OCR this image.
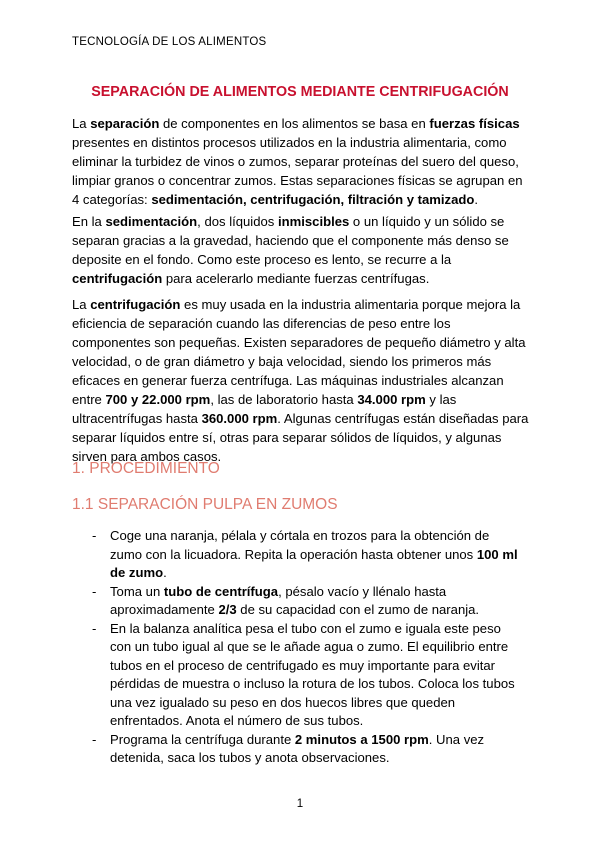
TECNOLOGÍA DE LOS ALIMENTOS
SEPARACIÓN DE ALIMENTOS MEDIANTE CENTRIFUGACIÓN

La separación de componentes en los alimentos se basa en fuerzas físicas presentes en distintos procesos utilizados en la industria alimentaria, como eliminar la turbidez de vinos o zumos, separar proteínas del suero del queso, limpiar granos o concentrar zumos. Estas separaciones físicas se agrupan en 4 categorías: sedimentación, centrifugación, filtración y tamizado.

En la sedimentación, dos líquidos inmiscibles o un líquido y un sólido se separan gracias a la gravedad, haciendo que el componente más denso se deposite en el fondo. Como este proceso es lento, se recurre a la centrifugación para acelerarlo mediante fuerzas centrífugas.

La centrifugación es muy usada en la industria alimentaria porque mejora la eficiencia de separación cuando las diferencias de peso entre los componentes son pequeñas. Existen separadores de pequeño diámetro y alta velocidad, o de gran diámetro y baja velocidad, siendo los primeros más eficaces en generar fuerza centrífuga. Las máquinas industriales alcanzan entre 700 y 22.000 rpm, las de laboratorio hasta 34.000 rpm y las ultracentrífugas hasta 360.000 rpm. Algunas centrífugas están diseñadas para separar líquidos entre sí, otras para separar sólidos de líquidos, y algunas sirven para ambos casos.

1. PROCEDIMIENTO
1.1 SEPARACIÓN PULPA EN ZUMOS
- Coge una naranja, pélala y córtala en trozos para la obtención de zumo con la licuadora. Repita la operación hasta obtener unos 100 ml de zumo.
- Toma un tubo de centrífuga, pésalo vacío y llénalo hasta aproximadamente 2/3 de su capacidad con el zumo de naranja.
- En la balanza analítica pesa el tubo con el zumo e iguala este peso con un tubo igual al que se le añade agua o zumo. El equilibrio entre tubos en el proceso de centrifugado es muy importante para evitar pérdidas de muestra o incluso la rotura de los tubos. Coloca los tubos una vez igualado su peso en dos huecos libres que queden enfrentados. Anota el número de sus tubos.
- Programa la centrífuga durante 2 minutos a 1500 rpm. Una vez detenida, saca los tubos y anota observaciones.
1
